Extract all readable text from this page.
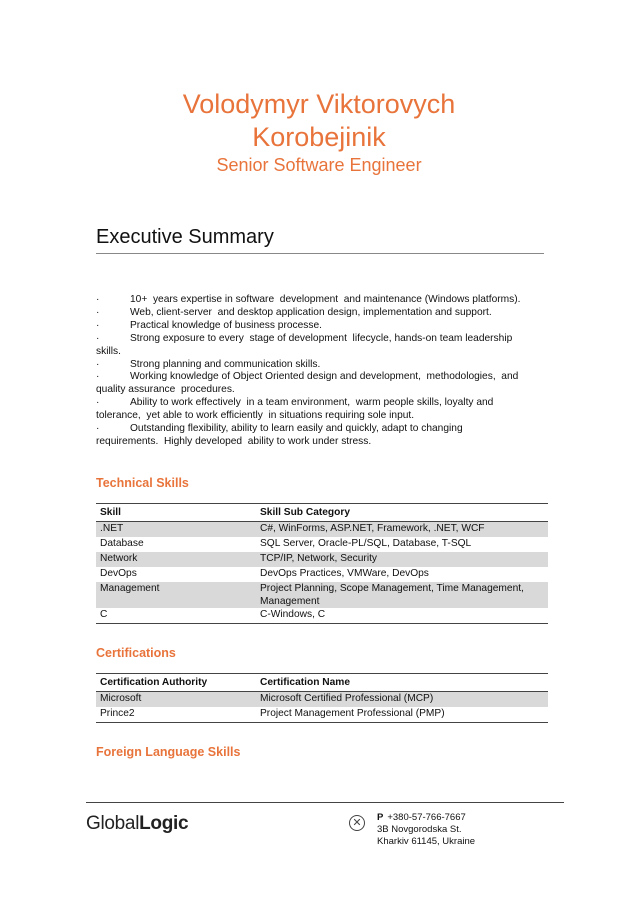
Volodymyr Viktorovych
Korobejinik
Senior Software Engineer
Executive Summary
·	10+  years expertise in software  development  and maintenance (Windows platforms).
·	Web, client-server  and desktop application design, implementation and support.
·	Practical knowledge of business processe.
·	Strong exposure to every  stage of development  lifecycle, hands-on team leadership
skills.
·	Strong planning and communication skills.
·	Working knowledge of Object Oriented design and development,  methodologies,  and
quality assurance  procedures.
·	Ability to work effectively  in a team environment,  warm people skills, loyalty and
tolerance,  yet able to work efficiently  in situations requiring sole input.
·	Outstanding flexibility, ability to learn easily and quickly, adapt to changing
requirements.  Highly developed  ability to work under stress.
Technical Skills
Skill	Skill Sub Category
.NET	C#, WinForms, ASP.NET, Framework, .NET, WCF
Database	SQL Server, Oracle-PL/SQL, Database, T-SQL
Network	TCP/IP, Network, Security
DevOps	DevOps Practices, VMWare, DevOps
Management	Project Planning, Scope Management, Time Management, Management
C	C-Windows, C
Certifications
Certification Authority	Certification Name
Microsoft	Microsoft Certified Professional (MCP)
Prince2	Project Management Professional (PMP)
Foreign Language Skills
GlobalLogic	✕	P +380-57-766-7667
3B Novgorodska St.
Kharkiv 61145, Ukraine
